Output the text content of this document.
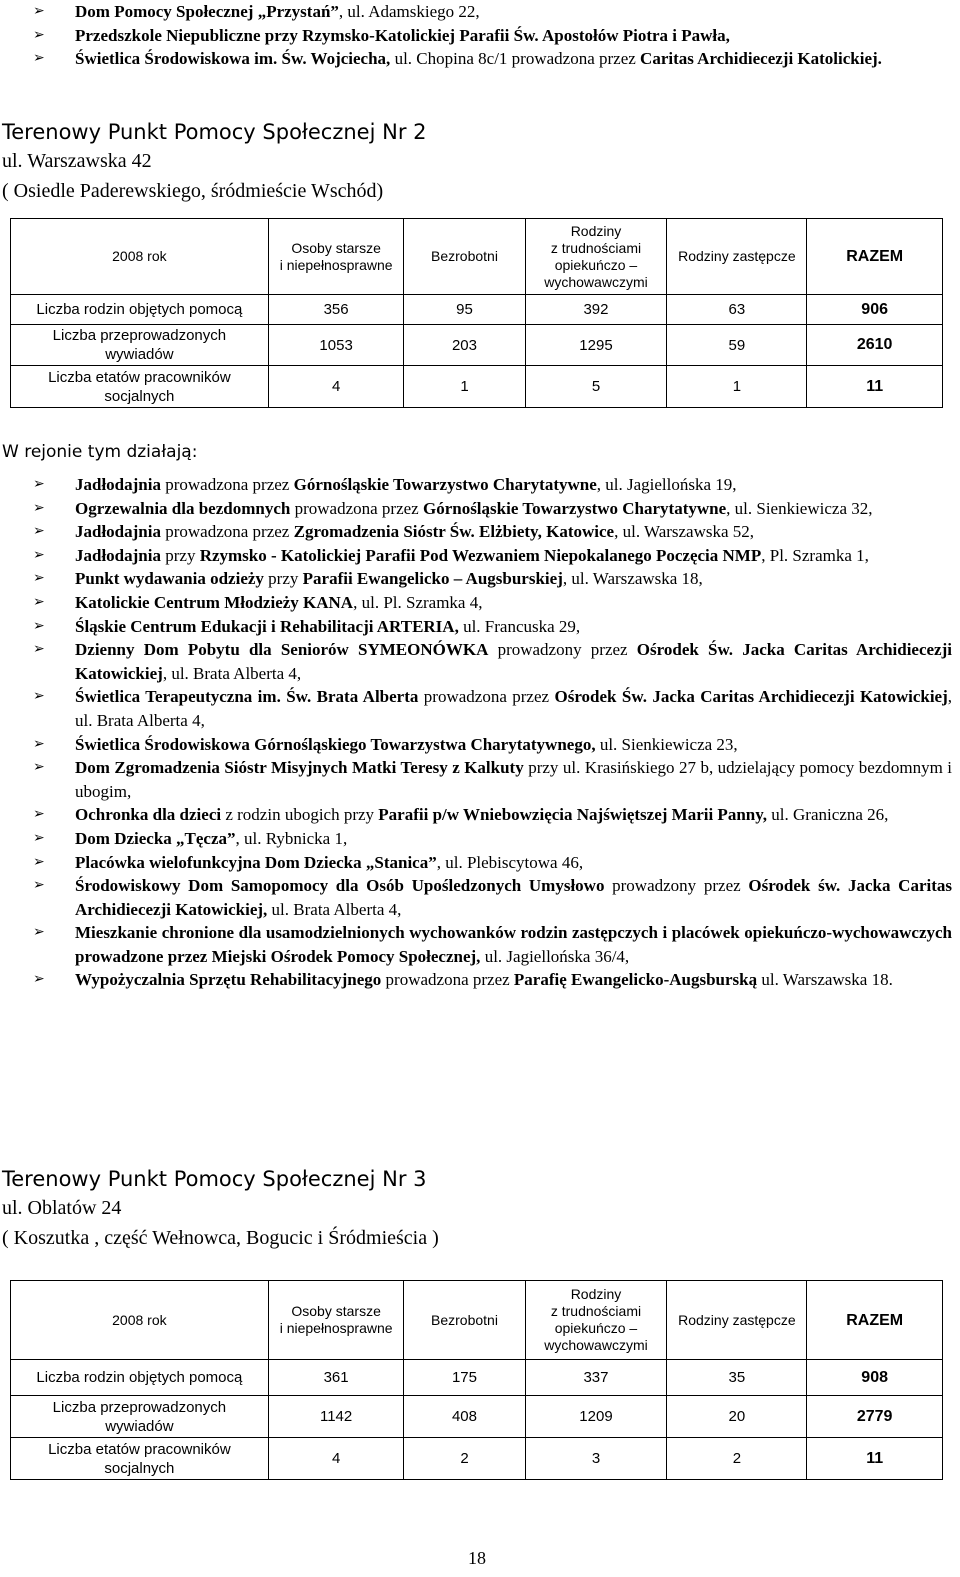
➢ Dom Pomocy Społecznej „Przystań”, ul. Adamskiego 22,
➢ Przedszkole Niepubliczne przy Rzymsko-Katolickiej Parafii Św. Apostołów Piotra i Pawła,
➢ Świetlica Środowiskowa im. Św. Wojciecha, ul. Chopina 8c/1 prowadzona przez Caritas Archidiecezji Katolickiej.
Terenowy Punkt Pomocy Społecznej Nr 2
ul. Warszawska 42
( Osiedle Paderewskiego, śródmieście Wschód)
2008 rok	Osoby starsze
i niepełnosprawne	Bezrobotni	Rodziny
z trudnościami
opiekuńczo –
wychowawczymi	Rodziny zastępcze	RAZEM
Liczba rodzin objętych pomocą	356	95	392	63	906
Liczba przeprowadzonych
wywiadów	1053	203	1295	59	2610
Liczba etatów pracowników
socjalnych	4	1	5	1	11
W rejonie tym działają:
➢ Jadłodajnia prowadzona przez Górnośląskie Towarzystwo Charytatywne, ul. Jagiellońska 19,
➢ Ogrzewalnia dla bezdomnych prowadzona przez Górnośląskie Towarzystwo Charytatywne, ul. Sienkiewicza 32,
➢ Jadłodajnia prowadzona przez Zgromadzenia Sióstr Św. Elżbiety, Katowice, ul. Warszawska 52,
➢ Jadłodajnia przy Rzymsko - Katolickiej Parafii Pod Wezwaniem Niepokalanego Poczęcia NMP, Pl. Szramka 1,
➢ Punkt wydawania odzieży przy Parafii Ewangelicko – Augsburskiej, ul. Warszawska 18,
➢ Katolickie Centrum Młodzieży KANA, ul. Pl. Szramka 4,
➢ Śląskie Centrum Edukacji i Rehabilitacji ARTERIA, ul. Francuska 29,
➢ Dzienny Dom Pobytu dla Seniorów SYMEONÓWKA prowadzony przez Ośrodek Św. Jacka Caritas Archidiecezji Katowickiej, ul. Brata Alberta 4,
➢ Świetlica Terapeutyczna im. Św. Brata Alberta prowadzona przez Ośrodek Św. Jacka Caritas Archidiecezji Katowickiej, ul. Brata Alberta 4,
➢ Świetlica Środowiskowa Górnośląskiego Towarzystwa Charytatywnego, ul. Sienkiewicza 23,
➢ Dom Zgromadzenia Sióstr Misyjnych Matki Teresy z Kalkuty przy ul. Krasińskiego 27 b, udzielający pomocy bezdomnym i ubogim,
➢ Ochronka dla dzieci z rodzin ubogich przy Parafii p/w Wniebowzięcia Najświętszej Marii Panny, ul. Graniczna 26,
➢ Dom Dziecka „Tęcza”, ul. Rybnicka 1,
➢ Placówka wielofunkcyjna Dom Dziecka „Stanica”, ul. Plebiscytowa 46,
➢ Środowiskowy Dom Samopomocy dla Osób Upośledzonych Umysłowo prowadzony przez Ośrodek św. Jacka Caritas Archidiecezji Katowickiej, ul. Brata Alberta 4,
➢ Mieszkanie chronione dla usamodzielnionych wychowanków rodzin zastępczych i placówek opiekuńczo-wychowawczych prowadzone przez Miejski Ośrodek Pomocy Społecznej, ul. Jagiellońska 36/4,
➢ Wypożyczalnia Sprzętu Rehabilitacyjnego prowadzona przez Parafię Ewangelicko-Augsburską ul. Warszawska 18.
Terenowy Punkt Pomocy Społecznej Nr 3
ul. Oblatów 24
( Koszutka , część Wełnowca, Bogucic i Śródmieścia )
2008 rok	Osoby starsze
i niepełnosprawne	Bezrobotni	Rodziny
z trudnościami
opiekuńczo –
wychowawczymi	Rodziny zastępcze	RAZEM
Liczba rodzin objętych pomocą	361	175	337	35	908
Liczba przeprowadzonych
wywiadów	1142	408	1209	20	2779
Liczba etatów pracowników
socjalnych	4	2	3	2	11
18
